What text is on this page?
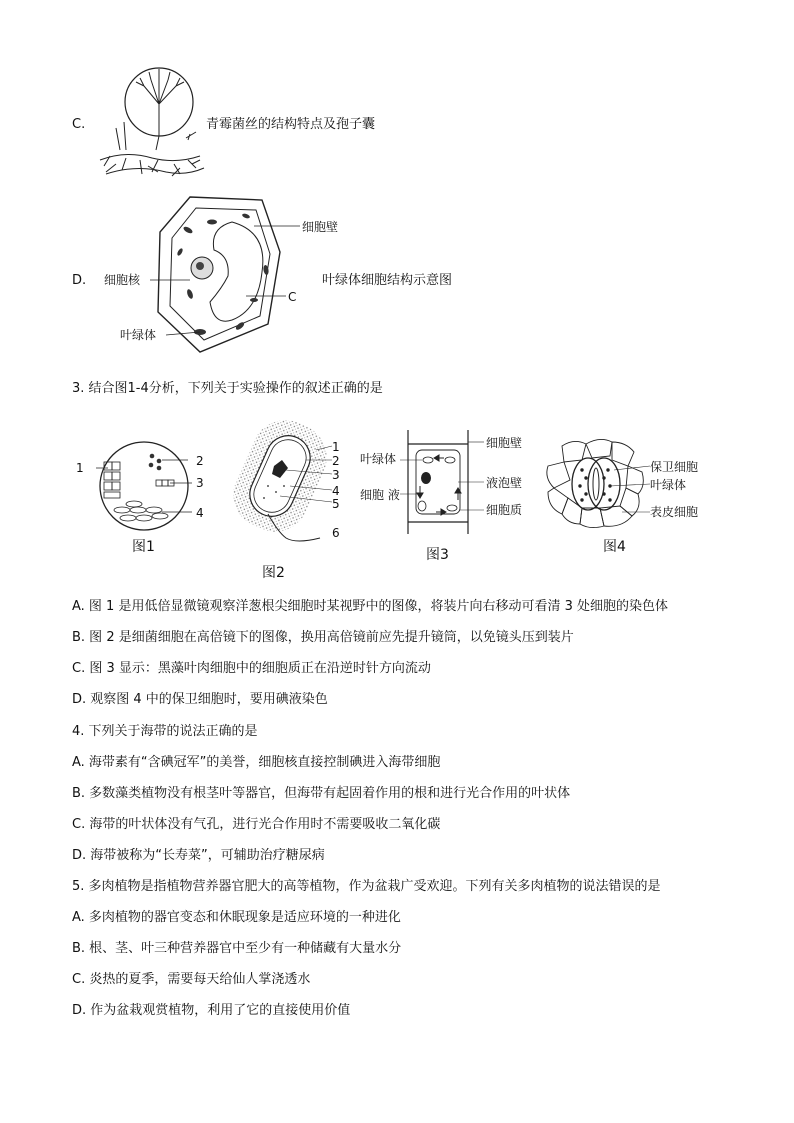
C.	青霉菌丝的结构特点及孢子囊
D.
细胞壁
细胞核
C
叶绿体
叶绿体细胞结构示意图
3. 结合图1-4分析，下列关于实验操作的叙述正确的是
1	2
3
4
图1
1
2
3
4
5
6
图2
细胞壁
叶绿体
液泡壁
细胞 液
细胞质
图3
保卫细胞
叶绿体
表皮细胞
图4
A. 图 1 是用低倍显微镜观察洋葱根尖细胞时某视野中的图像，将装片向右移动可看清 3 处细胞的染色体
B. 图 2 是细菌细胞在高倍镜下的图像，换用高倍镜前应先提升镜筒，以免镜头压到装片
C. 图 3 显示：黑藻叶肉细胞中的细胞质正在沿逆时针方向流动
D. 观察图 4 中的保卫细胞时，要用碘液染色
4. 下列关于海带的说法正确的是
A. 海带素有“含碘冠军”的美誉，细胞核直接控制碘进入海带细胞
B. 多数藻类植物没有根茎叶等器官，但海带有起固着作用的根和进行光合作用的叶状体
C. 海带的叶状体没有气孔，进行光合作用时不需要吸收二氧化碳
D. 海带被称为“长寿菜”，可辅助治疗糖尿病
5. 多肉植物是指植物营养器官肥大的高等植物，作为盆栽广受欢迎。下列有关多肉植物的说法错误的是
A. 多肉植物的器官变态和休眠现象是适应环境的一种进化
B. 根、茎、叶三种营养器官中至少有一种储藏有大量水分
C. 炎热的夏季，需要每天给仙人掌浇透水
D. 作为盆栽观赏植物，利用了它的直接使用价值
